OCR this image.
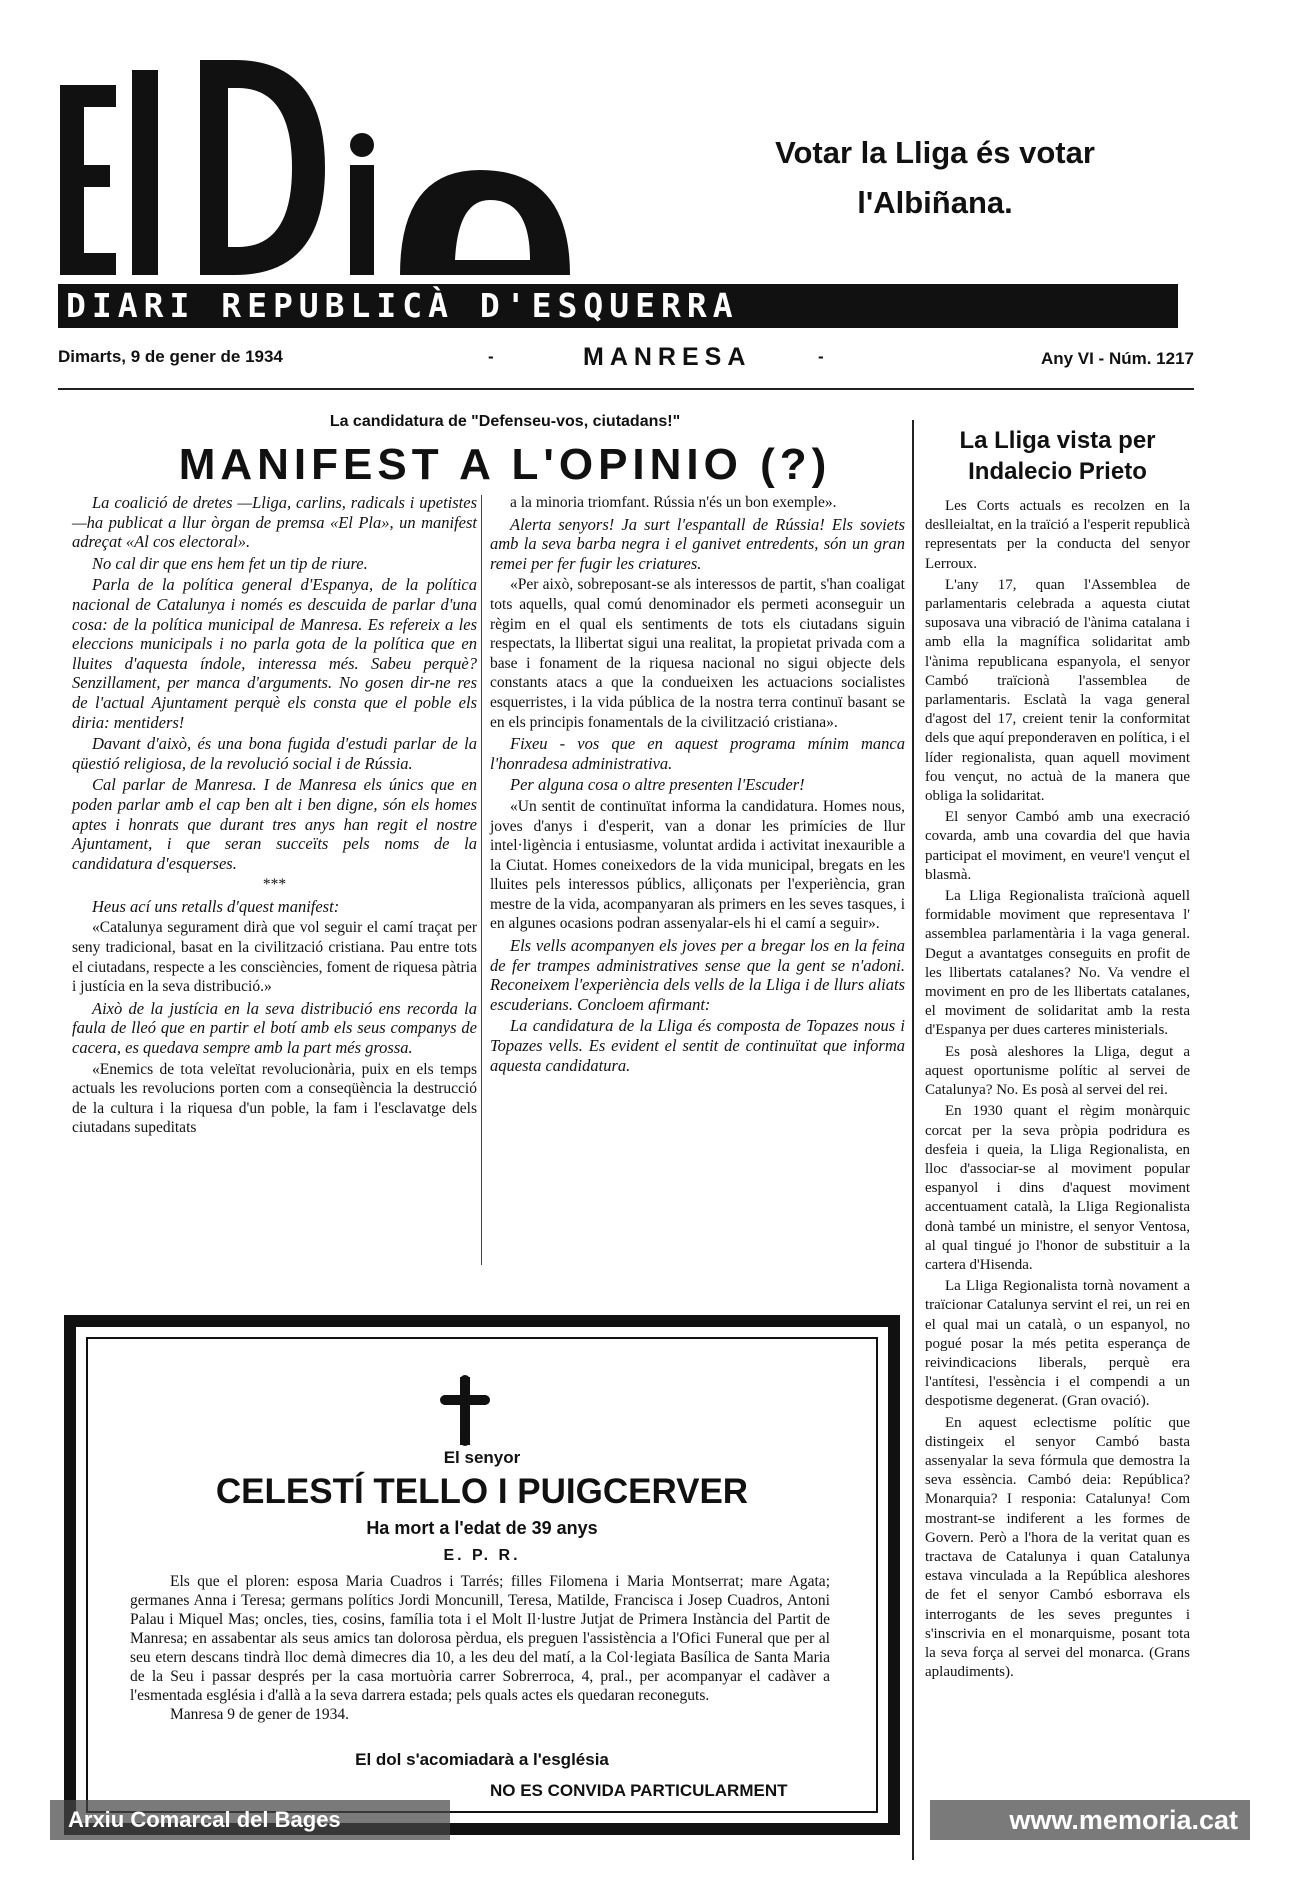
Votar la Lliga és votar
l'Albiñana.
DIARI REPUBLICÀ D'ESQUERRA
Dimarts, 9 de gener de 1934	-	MANRESA	-	Any VI - Núm. 1217
La candidatura de "Defenseu-vos, ciutadans!"
MANIFEST A L'OPINIO (?)

La coalició de dretes —Lliga, carlins, radicals i upetistes—ha publicat a llur òrgan de premsa «El Pla», un manifest adreçat «Al cos electoral».

No cal dir que ens hem fet un tip de riure.

Parla de la política general d'Espanya, de la política nacional de Catalunya i només es descuida de parlar d'una cosa: de la política municipal de Manresa. Es refereix a les eleccions municipals i no parla gota de la política que en lluites d'aquesta índole, interessa més. Sabeu perquè? Senzillament, per manca d'arguments. No gosen dir-ne res de l'actual Ajuntament perquè els consta que el poble els diria: mentiders!

Davant d'això, és una bona fugida d'estudi parlar de la qüestió religiosa, de la revolució social i de Rússia.

Cal parlar de Manresa. I de Manresa els únics que en poden parlar amb el cap ben alt i ben digne, són els homes aptes i honrats que durant tres anys han regit el nostre Ajuntament, i que seran succeïts pels noms de la candidatura d'esquerses.

***

Heus ací uns retalls d'quest manifest:

«Catalunya segurament dirà que vol seguir el camí traçat per seny tradicional, basat en la civilització cristiana. Pau entre tots el ciutadans, respecte a les consciències, foment de riquesa pàtria i justícia en la seva distribució.»

Això de la justícia en la seva distribució ens recorda la faula de lleó que en partir el botí amb els seus companys de cacera, es quedava sempre amb la part més grossa.

«Enemics de tota veleïtat revolucionària, puix en els temps actuals les revolucions porten com a conseqüència la destrucció de la cultura i la riquesa d'un poble, la fam i l'esclavatge dels ciutadans supeditats

a la minoria triomfant. Rússia n'és un bon exemple».

Alerta senyors! Ja surt l'espantall de Rússia! Els soviets amb la seva barba negra i el ganivet entredents, són un gran remei per fer fugir les criatures.

«Per això, sobreposant-se als interessos de partit, s'han coaligat tots aquells, qual comú denominador els permeti aconseguir un règim en el qual els sentiments de tots els ciutadans siguin respectats, la llibertat sigui una realitat, la propietat privada com a base i fonament de la riquesa nacional no sigui objecte dels constants atacs a que la condueixen les actuacions socialistes esquerristes, i la vida pública de la nostra terra continuï basant se en els principis fonamentals de la civilització cristiana».

Fixeu - vos que en aquest programa mínim manca l'honradesa administrativa.

Per alguna cosa o altre presenten l'Escuder!

«Un sentit de continuïtat informa la candidatura. Homes nous, joves d'anys i d'esperit, van a donar les primícies de llur intel·ligència i entusiasme, voluntat ardida i activitat inexaurible a la Ciutat. Homes coneixedors de la vida municipal, bregats en les lluites pels interessos públics, alliçonats per l'experiència, gran mestre de la vida, acompanyaran als primers en les seves tasques, i en algunes ocasions podran assenyalar-els hi el camí a seguir».

Els vells acompanyen els joves per a bregar los en la feina de fer trampes administratives sense que la gent se n'adoni. Reconeixem l'experiència dels vells de la Lliga i de llurs aliats escuderians. Concloem afirmant:

La candidatura de la Lliga és composta de Topazes nous i Topazes vells. Es evident el sentit de continuïtat que informa aquesta candidatura.

La Lliga vista per
Indalecio Prieto

Les Corts actuals es recolzen en la deslleialtat, en la traïció a l'esperit republicà representats per la conducta del senyor Lerroux.

L'any 17, quan l'Assemblea de parlamentaris celebrada a aquesta ciutat suposava una vibració de l'ànima catalana i amb ella la magnífica solidaritat amb l'ànima republicana espanyola, el senyor Cambó traïcionà l'assemblea de parlamentaris. Esclatà la vaga general d'agost del 17, creient tenir la conformitat dels que aquí preponderaven en política, i el líder regionalista, quan aquell moviment fou vençut, no actuà de la manera que obliga la solidaritat.

El senyor Cambó amb una execració covarda, amb una covardia del que havia participat el moviment, en veure'l vençut el blasmà.

La Lliga Regionalista traïcionà aquell formidable moviment que representava l' assemblea parlamentària i la vaga general. Degut a avantatges conseguits en profit de les llibertats catalanes? No. Va vendre el moviment en pro de les llibertats catalanes, el moviment de solidaritat amb la resta d'Espanya per dues carteres ministerials.

Es posà aleshores la Lliga, degut a aquest oportunisme polític al servei de Catalunya? No. Es posà al servei del rei.

En 1930 quant el règim monàrquic corcat per la seva pròpia podridura es desfeia i queia, la Lliga Regionalista, en lloc d'associar-se al moviment popular espanyol i dins d'aquest moviment accentuament català, la Lliga Regionalista donà també un ministre, el senyor Ventosa, al qual tingué jo l'honor de substituir a la cartera d'Hisenda.

La Lliga Regionalista tornà novament a traïcionar Catalunya servint el rei, un rei en el qual mai un català, o un espanyol, no pogué posar la més petita esperança de reivindicacions liberals, perquè era l'antítesi, l'essència i el compendi a un despotisme degenerat. (Gran ovació).

En aquest eclectisme polític que distingeix el senyor Cambó basta assenyalar la seva fórmula que demostra la seva essència. Cambó deia: República? Monarquia? I responia: Catalunya! Com mostrant-se indiferent a les formes de Govern. Però a l'hora de la veritat quan es tractava de Catalunya i quan Catalunya estava vinculada a la República aleshores de fet el senyor Cambó esborrava els interrogants de les seves preguntes i s'inscrivia en el monarquisme, posant tota la seva força al servei del monarca. (Grans aplaudiments).

El senyor
CELESTÍ TELLO I PUIGCERVER
Ha mort a l'edat de 39 anys
E. P. R.

Els que el ploren: esposa Maria Cuadros i Tarrés; filles Filomena i Maria Montserrat; mare Agata; germanes Anna i Teresa; germans polítics Jordi Moncunill, Teresa, Matilde, Francisca i Josep Cuadros, Antoni Palau i Miquel Mas; oncles, ties, cosins, família tota i el Molt Il·lustre Jutjat de Primera Instància del Partit de Manresa; en assabentar als seus amics tan dolorosa pèrdua, els preguen l'assistència a l'Ofici Funeral que per al seu etern descans tindrà lloc demà dimecres dia 10, a les deu del matí, a la Col·legiata Basílica de Santa Maria de la Seu i passar després per la casa mortuòria carrer Sobrerroca, 4, pral., per acompanyar el cadàver a l'esmentada església i d'allà a la seva darrera estada; pels quals actes els quedaran reconeguts.

Manresa 9 de gener de 1934.

El dol s'acomiadarà a l'església
NO ES CONVIDA PARTICULARMENT
Arxiu Comarcal del Bages	www.memoria.cat
